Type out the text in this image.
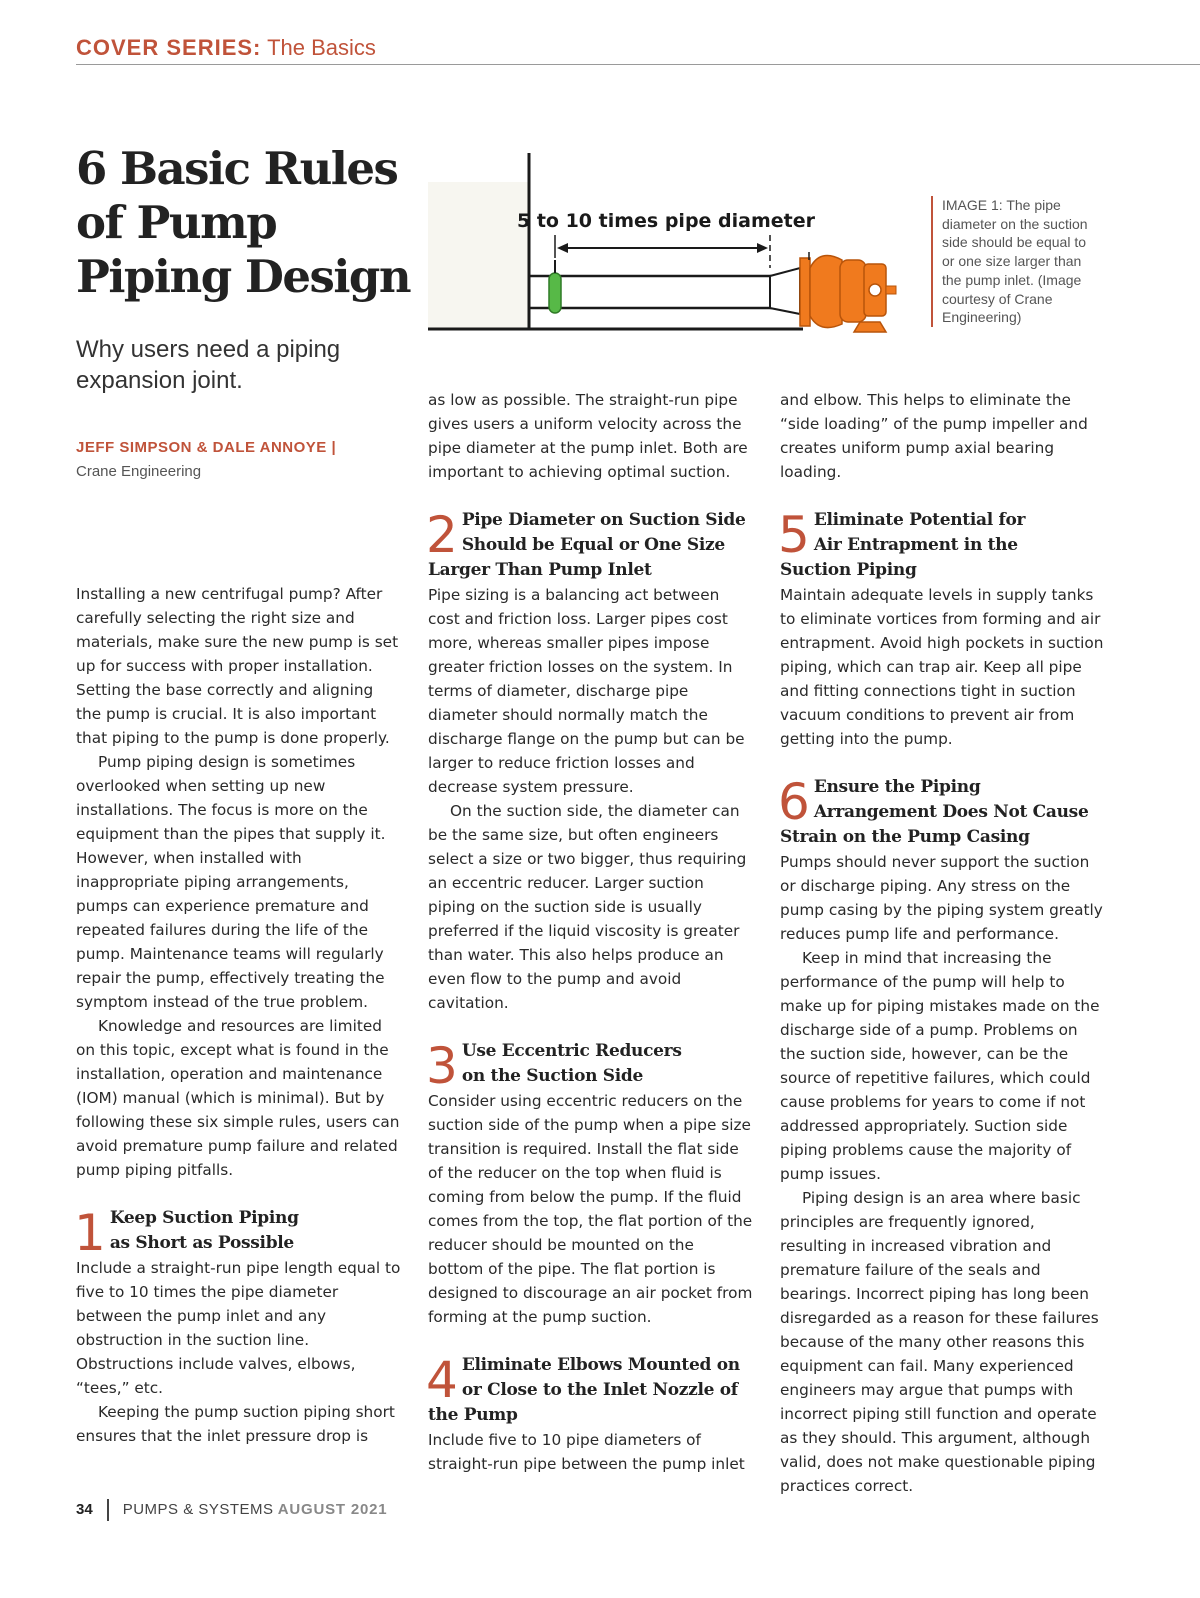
COVER SERIES: The Basics
6 Basic Rules of Pump Piping Design

Why users need a piping expansion joint.

JEFF SIMPSON & DALE ANNOYE |
Crane Engineering
5 to 10 times pipe diameter
IMAGE 1: The pipe diameter on the suction side should be equal to or one size larger than the pump inlet. (Image courtesy of Crane Engineering)

Installing a new centrifugal pump? After carefully selecting the right size and materials, make sure the new pump is set up for success with proper installation. Setting the base correctly and aligning the pump is crucial. It is also important that piping to the pump is done properly.

Pump piping design is sometimes overlooked when setting up new installations. The focus is more on the equipment than the pipes that supply it. However, when installed with inappropriate piping arrangements, pumps can experience premature and repeated failures during the life of the pump. Maintenance teams will regularly repair the pump, effectively treating the symptom instead of the true problem.

Knowledge and resources are limited on this topic, except what is found in the installation, operation and maintenance (IOM) manual (which is minimal). But by following these six simple rules, users can avoid premature pump failure and related pump piping pitfalls.

1 Keep Suction Piping as Short as Possible

Include a straight-run pipe length equal to five to 10 times the pipe diameter between the pump inlet and any obstruction in the suction line. Obstructions include valves, elbows, “tees,” etc.

Keeping the pump suction piping short ensures that the inlet pressure drop is

as low as possible. The straight-run pipe gives users a uniform velocity across the pipe diameter at the pump inlet. Both are important to achieving optimal suction.

2 Pipe Diameter on Suction Side Should be Equal or One Size Larger Than Pump Inlet

Pipe sizing is a balancing act between cost and friction loss. Larger pipes cost more, whereas smaller pipes impose greater friction losses on the system. In terms of diameter, discharge pipe diameter should normally match the discharge flange on the pump but can be larger to reduce friction losses and decrease system pressure.

On the suction side, the diameter can be the same size, but often engineers select a size or two bigger, thus requiring an eccentric reducer. Larger suction piping on the suction side is usually preferred if the liquid viscosity is greater than water. This also helps produce an even flow to the pump and avoid cavitation.

3 Use Eccentric Reducers on the Suction Side

Consider using eccentric reducers on the suction side of the pump when a pipe size transition is required. Install the flat side of the reducer on the top when fluid is coming from below the pump. If the fluid comes from the top, the flat portion of the reducer should be mounted on the bottom of the pipe. The flat portion is designed to discourage an air pocket from forming at the pump suction.

4 Eliminate Elbows Mounted on or Close to the Inlet Nozzle of the Pump

Include five to 10 pipe diameters of straight-run pipe between the pump inlet

and elbow. This helps to eliminate the “side loading” of the pump impeller and creates uniform pump axial bearing loading.

5 Eliminate Potential for Air Entrapment in the Suction Piping

Maintain adequate levels in supply tanks to eliminate vortices from forming and air entrapment. Avoid high pockets in suction piping, which can trap air. Keep all pipe and fitting connections tight in suction vacuum conditions to prevent air from getting into the pump.

6 Ensure the Piping Arrangement Does Not Cause Strain on the Pump Casing

Pumps should never support the suction or discharge piping. Any stress on the pump casing by the piping system greatly reduces pump life and performance.

Keep in mind that increasing the performance of the pump will help to make up for piping mistakes made on the discharge side of a pump. Problems on the suction side, however, can be the source of repetitive failures, which could cause problems for years to come if not addressed appropriately. Suction side piping problems cause the majority of pump issues.

Piping design is an area where basic principles are frequently ignored, resulting in increased vibration and premature failure of the seals and bearings. Incorrect piping has long been disregarded as a reason for these failures because of the many other reasons this equipment can fail. Many experienced engineers may argue that pumps with incorrect piping still function and operate as they should. This argument, although valid, does not make questionable piping practices correct.

34 PUMPS & SYSTEMS AUGUST 2021
